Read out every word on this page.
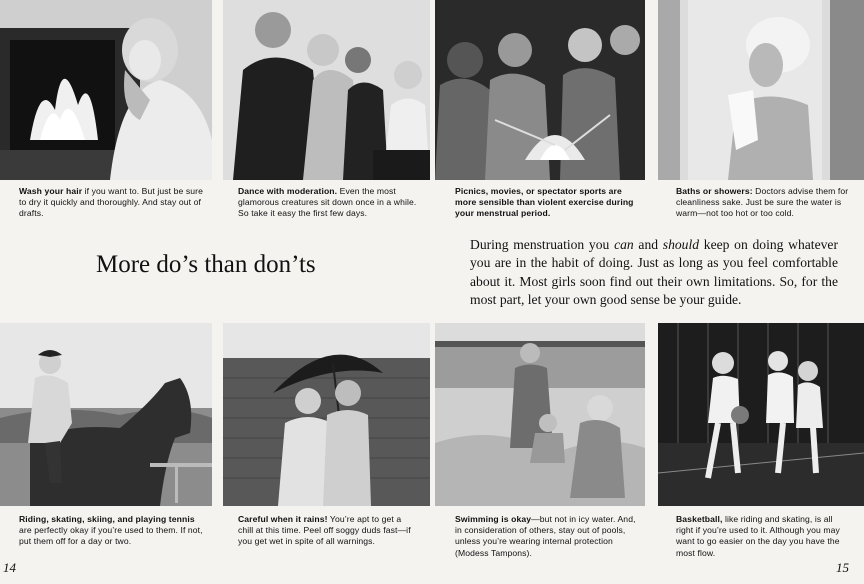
Wash your hair if you want to. But just be sure to dry it quickly and thoroughly. And stay out of drafts.
Dance with moderation. Even the most glamorous creatures sit down once in a while. So take it easy the first few days.
Picnics, movies, or spectator sports are more sensible than violent exercise during your menstrual period.
Baths or showers: Doctors advise them for cleanliness sake. Just be sure the water is warm—not too hot or too cold.
More do’s than don’ts
During menstruation you can and should keep on doing whatever you are in the habit of doing. Just as long as you feel comfortable about it. Most girls soon find out their own limitations. So, for the most part, let your own good sense be your guide.
Riding, skating, skiing, and playing tennis are perfectly okay if you’re used to them. If not, put them off for a day or two.
Careful when it rains! You’re apt to get a chill at this time. Peel off soggy duds fast—if you get wet in spite of all warnings.
Swimming is okay—but not in icy water. And, in consideration of others, stay out of pools, unless you’re wearing internal protection (Modess Tampons).
Basketball, like riding and skating, is all right if you’re used to it. Although you may want to go easier on the day you have the most flow.
14	15
